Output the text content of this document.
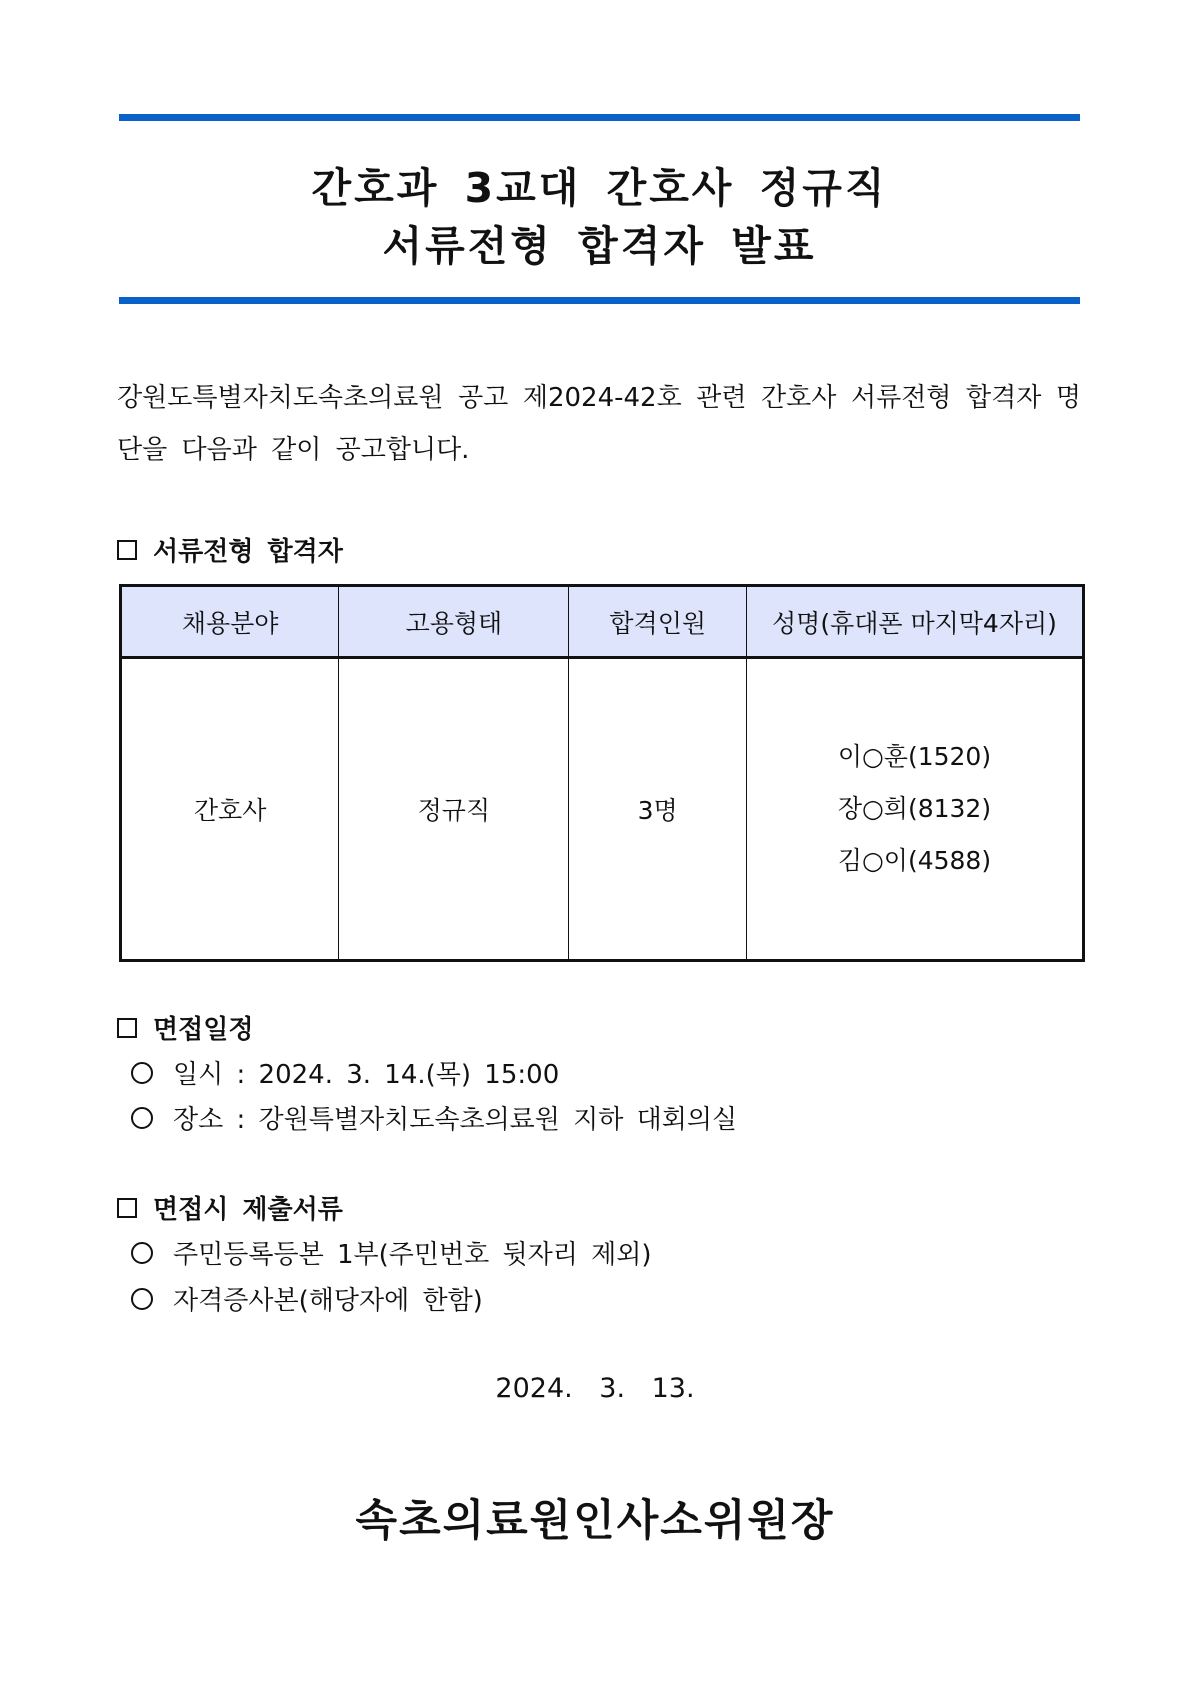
간호과 3교대 간호사 정규직
서류전형 합격자 발표
강원도특별자치도속초의료원 공고 제2024-42호 관련 간호사 서류전형 합격자 명단을 다음과 같이 공고합니다.
서류전형 합격자
채용분야	고용형태	합격인원	성명(휴대폰 마지막4자리)
간호사	정규직	3명	이○훈(1520)
장○희(8132)
김○이(4588)
면접일정
일시 : 2024. 3. 14.(목) 15:00
장소 : 강원특별자치도속초의료원 지하 대회의실
면접시 제출서류
주민등록등본 1부(주민번호 뒷자리 제외)
자격증사본(해당자에 한함)
2024. 3. 13.
속초의료원인사소위원장
